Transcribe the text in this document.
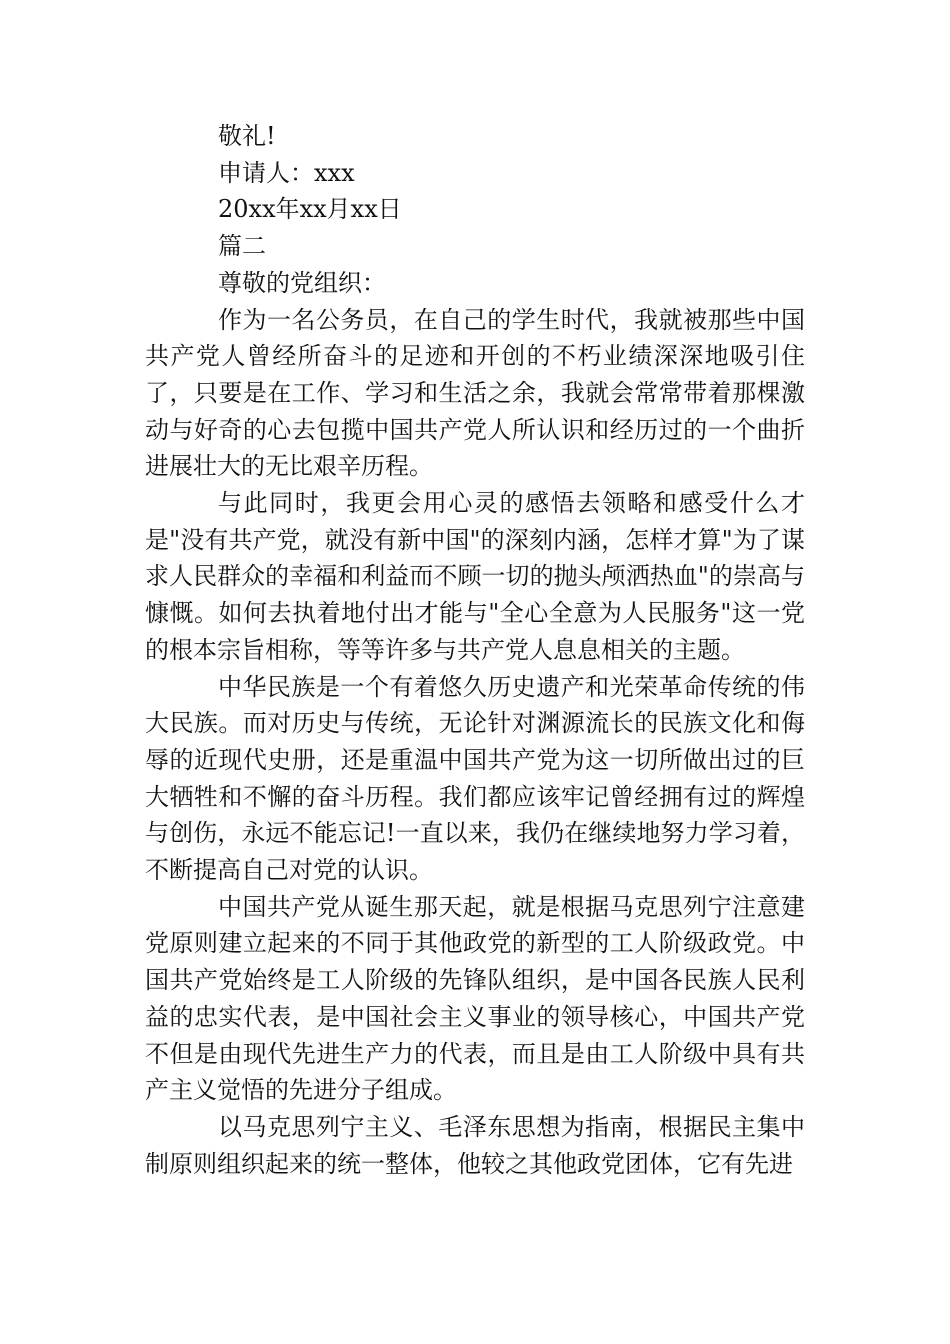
敬礼!

申请人：xxx

20xx年xx月xx日

篇二

尊敬的党组织：

作为一名公务员，在自己的学生时代，我就被那些中国共产党人曾经所奋斗的足迹和开创的不朽业绩深深地吸引住了，只要是在工作、学习和生活之余，我就会常常带着那棵激动与好奇的心去包揽中国共产党人所认识和经历过的一个曲折进展壮大的无比艰辛历程。

与此同时，我更会用心灵的感悟去领略和感受什么才是"没有共产党，就没有新中国"的深刻内涵，怎样才算"为了谋求人民群众的幸福和利益而不顾一切的抛头颅洒热血"的崇高与慷慨。如何去执着地付出才能与"全心全意为人民服务"这一党的根本宗旨相称，等等许多与共产党人息息相关的主题。

中华民族是一个有着悠久历史遗产和光荣革命传统的伟大民族。而对历史与传统，无论针对渊源流长的民族文化和侮辱的近现代史册，还是重温中国共产党为这一切所做出过的巨大牺牲和不懈的奋斗历程。我们都应该牢记曾经拥有过的辉煌与创伤，永远不能忘记!一直以来，我仍在继续地努力学习着，不断提高自己对党的认识。

中国共产党从诞生那天起，就是根据马克思列宁注意建党原则建立起来的不同于其他政党的新型的工人阶级政党。中国共产党始终是工人阶级的先锋队组织，是中国各民族人民利益的忠实代表，是中国社会主义事业的领导核心，中国共产党不但是由现代先进生产力的代表，而且是由工人阶级中具有共产主义觉悟的先进分子组成。

以马克思列宁主义、毛泽东思想为指南，根据民主集中制原则组织起来的统一整体，他较之其他政党团体，它有先进
